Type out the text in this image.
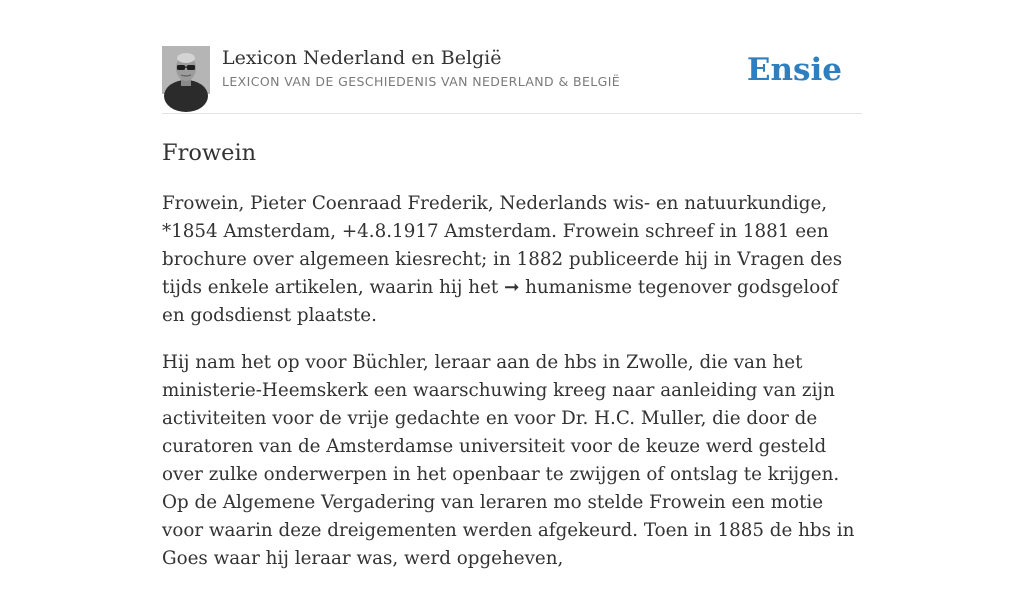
Lexicon Nederland en België
LEXICON VAN DE GESCHIEDENIS VAN NEDERLAND & BELGIË	Ensie
Frowein

Frowein, Pieter Coenraad Frederik, Nederlands wis- en natuurkundige, *1854 Amsterdam, +4.8.1917 Amsterdam. Frowein schreef in 1881 een brochure over algemeen kiesrecht; in 1882 publiceerde hij in Vragen des tijds enkele artikelen, waarin hij het ➞ humanisme tegenover godsgeloof en godsdienst plaatste.

Hij nam het op voor Büchler, leraar aan de hbs in Zwolle, die van het ministerie-Heemskerk een waarschuwing kreeg naar aanleiding van zijn activiteiten voor de vrije gedachte en voor Dr. H.C. Muller, die door de curatoren van de Amsterdamse universiteit voor de keuze werd gesteld over zulke onderwerpen in het openbaar te zwijgen of ontslag te krijgen. Op de Algemene Vergadering van leraren mo stelde Frowein een motie voor waarin deze dreigementen werden afgekeurd. Toen in 1885 de hbs in Goes waar hij leraar was, werd opgeheven,
